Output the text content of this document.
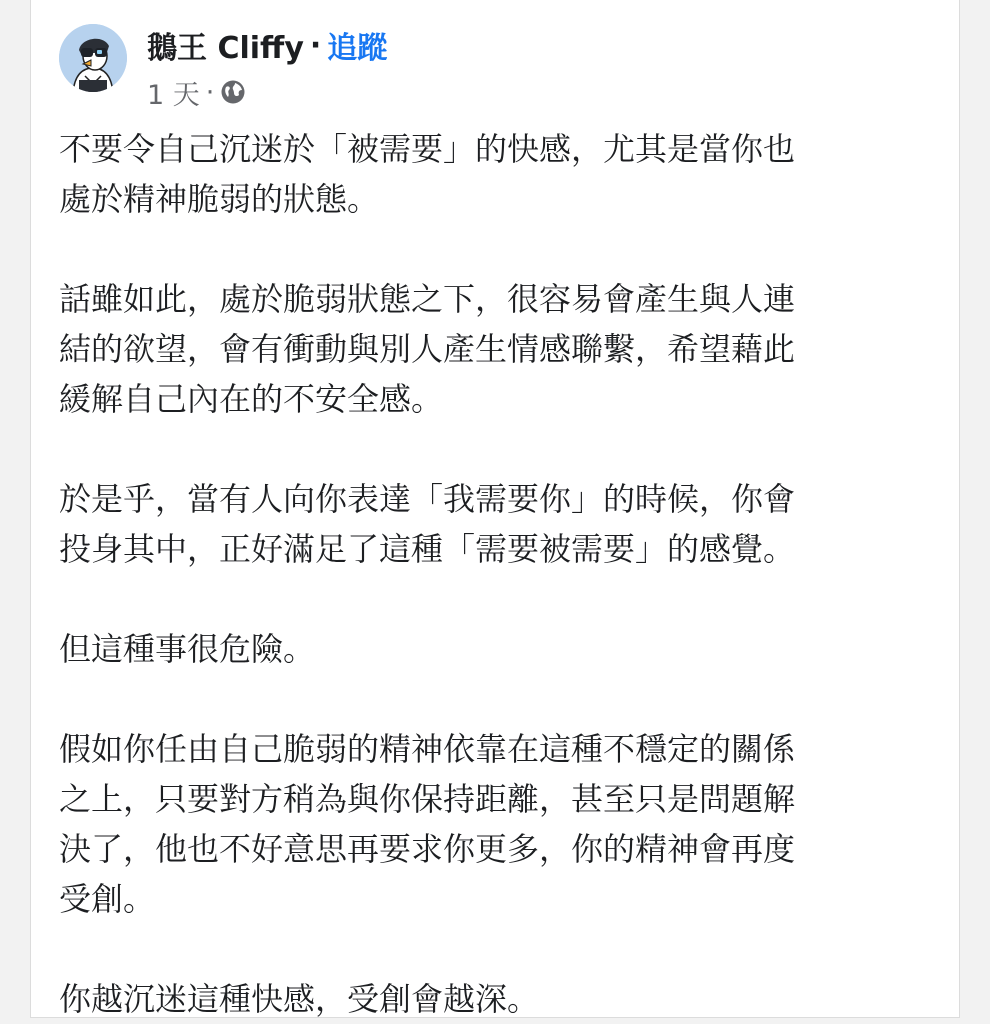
鵝王 Cliffy · 追蹤
1 天 ·

不要令自己沉迷於「被需要」的快感，尤其是當你也
處於精神脆弱的狀態。

話雖如此，處於脆弱狀態之下，很容易會產生與人連
結的欲望，會有衝動與別人產生情感聯繫，希望藉此
緩解自己內在的不安全感。

於是乎，當有人向你表達「我需要你」的時候，你會
投身其中，正好滿足了這種「需要被需要」的感覺。

但這種事很危險。

假如你任由自己脆弱的精神依靠在這種不穩定的關係
之上，只要對方稍為與你保持距離，甚至只是問題解
決了，他也不好意思再要求你更多，你的精神會再度
受創。

你越沉迷這種快感，受創會越深。
